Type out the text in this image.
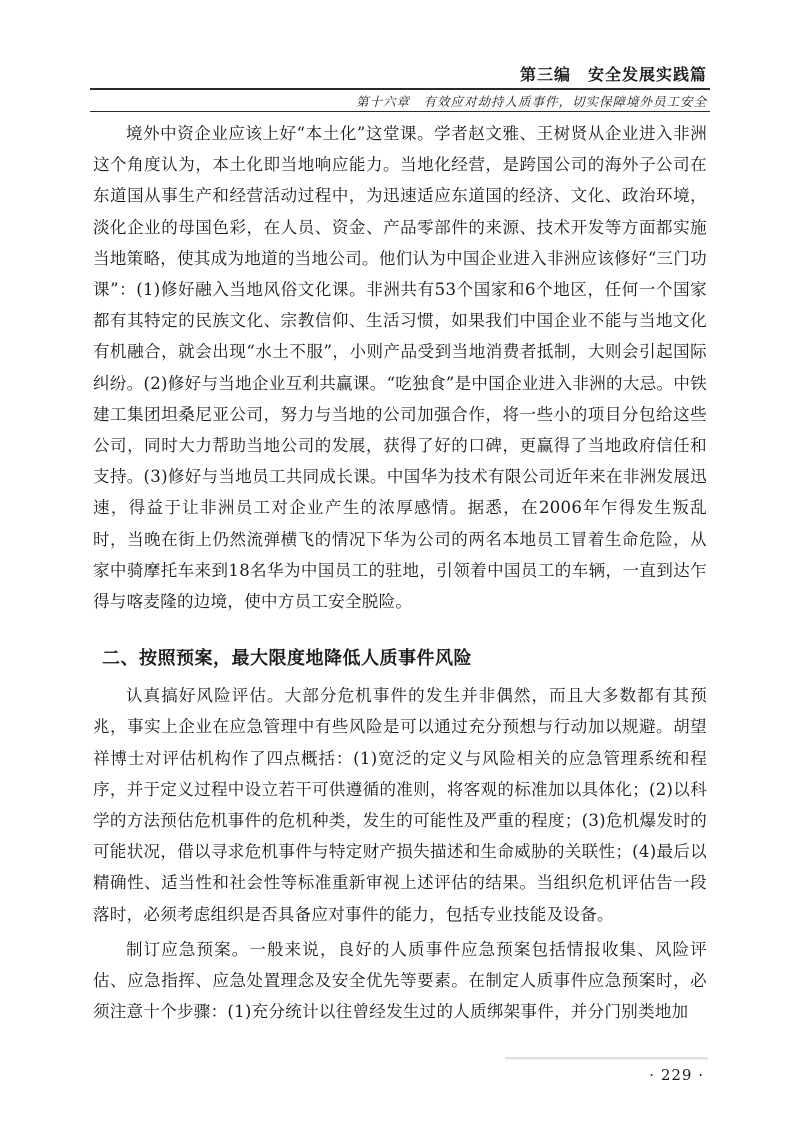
第三编　安全发展实践篇
第十六章　有效应对劫持人质事件，切实保障境外员工安全

境外中资企业应该上好“本土化”这堂课。学者赵文雅、王树贤从企业进入非洲这个角度认为，本土化即当地响应能力。当地化经营，是跨国公司的海外子公司在东道国从事生产和经营活动过程中，为迅速适应东道国的经济、文化、政治环境，淡化企业的母国色彩，在人员、资金、产品零部件的来源、技术开发等方面都实施当地策略，使其成为地道的当地公司。他们认为中国企业进入非洲应该修好“三门功课”：(1)修好融入当地风俗文化课。非洲共有53个国家和6个地区，任何一个国家都有其特定的民族文化、宗教信仰、生活习惯，如果我们中国企业不能与当地文化有机融合，就会出现“水土不服”，小则产品受到当地消费者抵制，大则会引起国际纠纷。(2)修好与当地企业互利共赢课。“吃独食”是中国企业进入非洲的大忌。中铁建工集团坦桑尼亚公司，努力与当地的公司加强合作，将一些小的项目分包给这些公司，同时大力帮助当地公司的发展，获得了好的口碑，更赢得了当地政府信任和支持。(3)修好与当地员工共同成长课。中国华为技术有限公司近年来在非洲发展迅速，得益于让非洲员工对企业产生的浓厚感情。据悉，在2006年乍得发生叛乱时，当晚在街上仍然流弹横飞的情况下华为公司的两名本地员工冒着生命危险，从家中骑摩托车来到18名华为中国员工的驻地，引领着中国员工的车辆，一直到达乍得与喀麦隆的边境，使中方员工安全脱险。

二、按照预案，最大限度地降低人质事件风险

认真搞好风险评估。大部分危机事件的发生并非偶然，而且大多数都有其预兆，事实上企业在应急管理中有些风险是可以通过充分预想与行动加以规避。胡望祥博士对评估机构作了四点概括：(1)宽泛的定义与风险相关的应急管理系统和程序，并于定义过程中设立若干可供遵循的准则，将客观的标准加以具体化；(2)以科学的方法预估危机事件的危机种类，发生的可能性及严重的程度；(3)危机爆发时的可能状况，借以寻求危机事件与特定财产损失描述和生命威胁的关联性；(4)最后以精确性、适当性和社会性等标准重新审视上述评估的结果。当组织危机评估告一段落时，必须考虑组织是否具备应对事件的能力，包括专业技能及设备。

制订应急预案。一般来说，良好的人质事件应急预案包括情报收集、风险评估、应急指挥、应急处置理念及安全优先等要素。在制定人质事件应急预案时，必须注意十个步骤：(1)充分统计以往曾经发生过的人质绑架事件，并分门别类地加

· 229 ·
